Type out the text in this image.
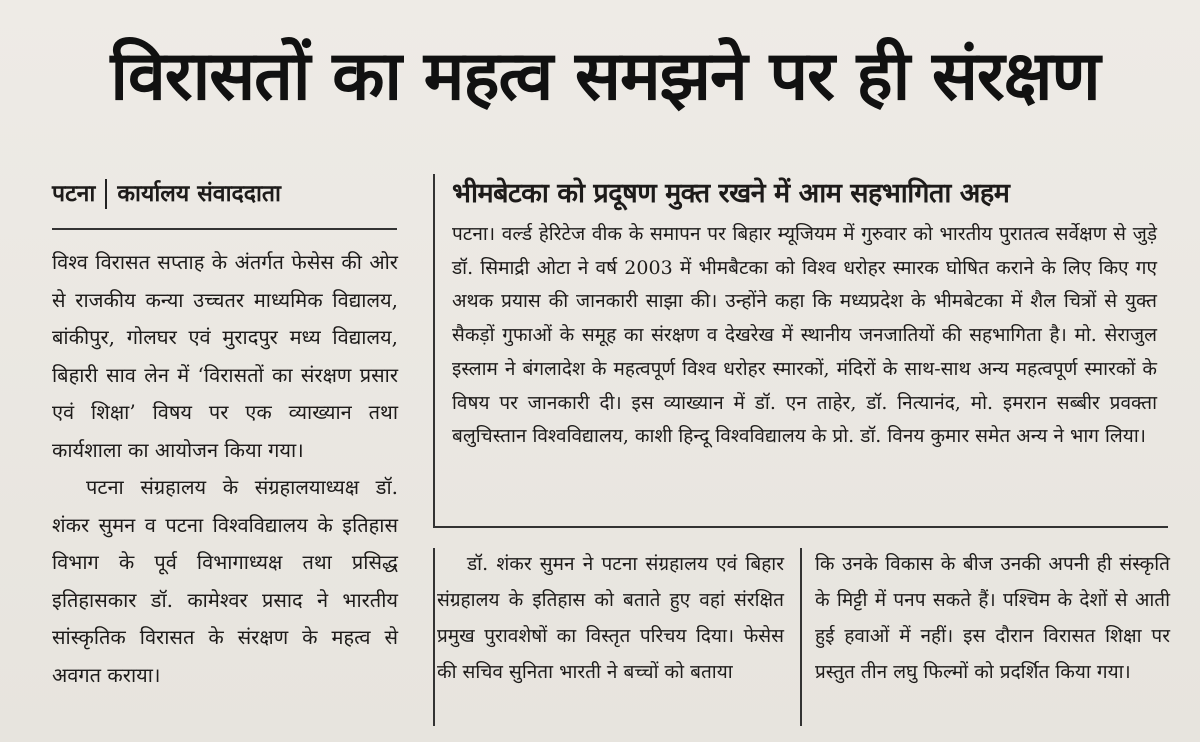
विरासतों का महत्व समझने पर ही संरक्षण
पटना कार्यालय संवाददाता

विश्व विरासत सप्ताह के अंतर्गत फेसेस की ओर से राजकीय कन्या उच्चतर माध्यमिक विद्यालय, बांकीपुर, गोलघर एवं मुरादपुर मध्य विद्यालय, बिहारी साव लेन में ‘विरासतों का संरक्षण प्रसार एवं शिक्षा’ विषय पर एक व्याख्यान तथा कार्यशाला का आयोजन किया गया।

पटना संग्रहालय के संग्रहालयाध्यक्ष डॉ. शंकर सुमन व पटना विश्वविद्यालय के इतिहास विभाग के पूर्व विभागाध्यक्ष तथा प्रसिद्ध इतिहासकार डॉ. कामेश्वर प्रसाद ने भारतीय सांस्कृतिक विरासत के संरक्षण के महत्व से अवगत कराया।

भीमबेटका को प्रदूषण मुक्त रखने में आम सहभागिता अहम

पटना। वर्ल्ड हेरिटेज वीक के समापन पर बिहार म्यूजियम में गुरुवार को भारतीय पुरातत्व सर्वेक्षण से जुड़े डॉ. सिमाद्री ओटा ने वर्ष 2003 में भीमबैटका को विश्व धरोहर स्मारक घोषित कराने के लिए किए गए अथक प्रयास की जानकारी साझा की। उन्होंने कहा कि मध्यप्रदेश के भीमबेटका में शैल चित्रों से युक्त सैकड़ों गुफाओं के समूह का संरक्षण व देखरेख में स्थानीय जनजातियों की सहभागिता है। मो. सेराजुल इस्लाम ने बंगलादेश के महत्वपूर्ण विश्व धरोहर स्मारकों, मंदिरों के साथ-साथ अन्य महत्वपूर्ण स्मारकों के विषय पर जानकारी दी। इस व्याख्यान में डॉ. एन ताहेर, डॉ. नित्यानंद, मो. इमरान सब्बीर प्रवक्ता बलुचिस्तान विश्वविद्यालय, काशी हिन्दू विश्वविद्यालय के प्रो. डॉ. विनय कुमार समेत अन्य ने भाग लिया।

डॉ. शंकर सुमन ने पटना संग्रहालय एवं बिहार संग्रहालय के इतिहास को बताते हुए वहां संरक्षित प्रमुख पुरावशेषों का विस्तृत परिचय दिया। फेसेस की सचिव सुनिता भारती ने बच्चों को बताया

कि उनके विकास के बीज उनकी अपनी ही संस्कृति के मिट्टी में पनप सकते हैं। पश्चिम के देशों से आती हुई हवाओं में नहीं। इस दौरान विरासत शिक्षा पर प्रस्तुत तीन लघु फिल्मों को प्रदर्शित किया गया।
